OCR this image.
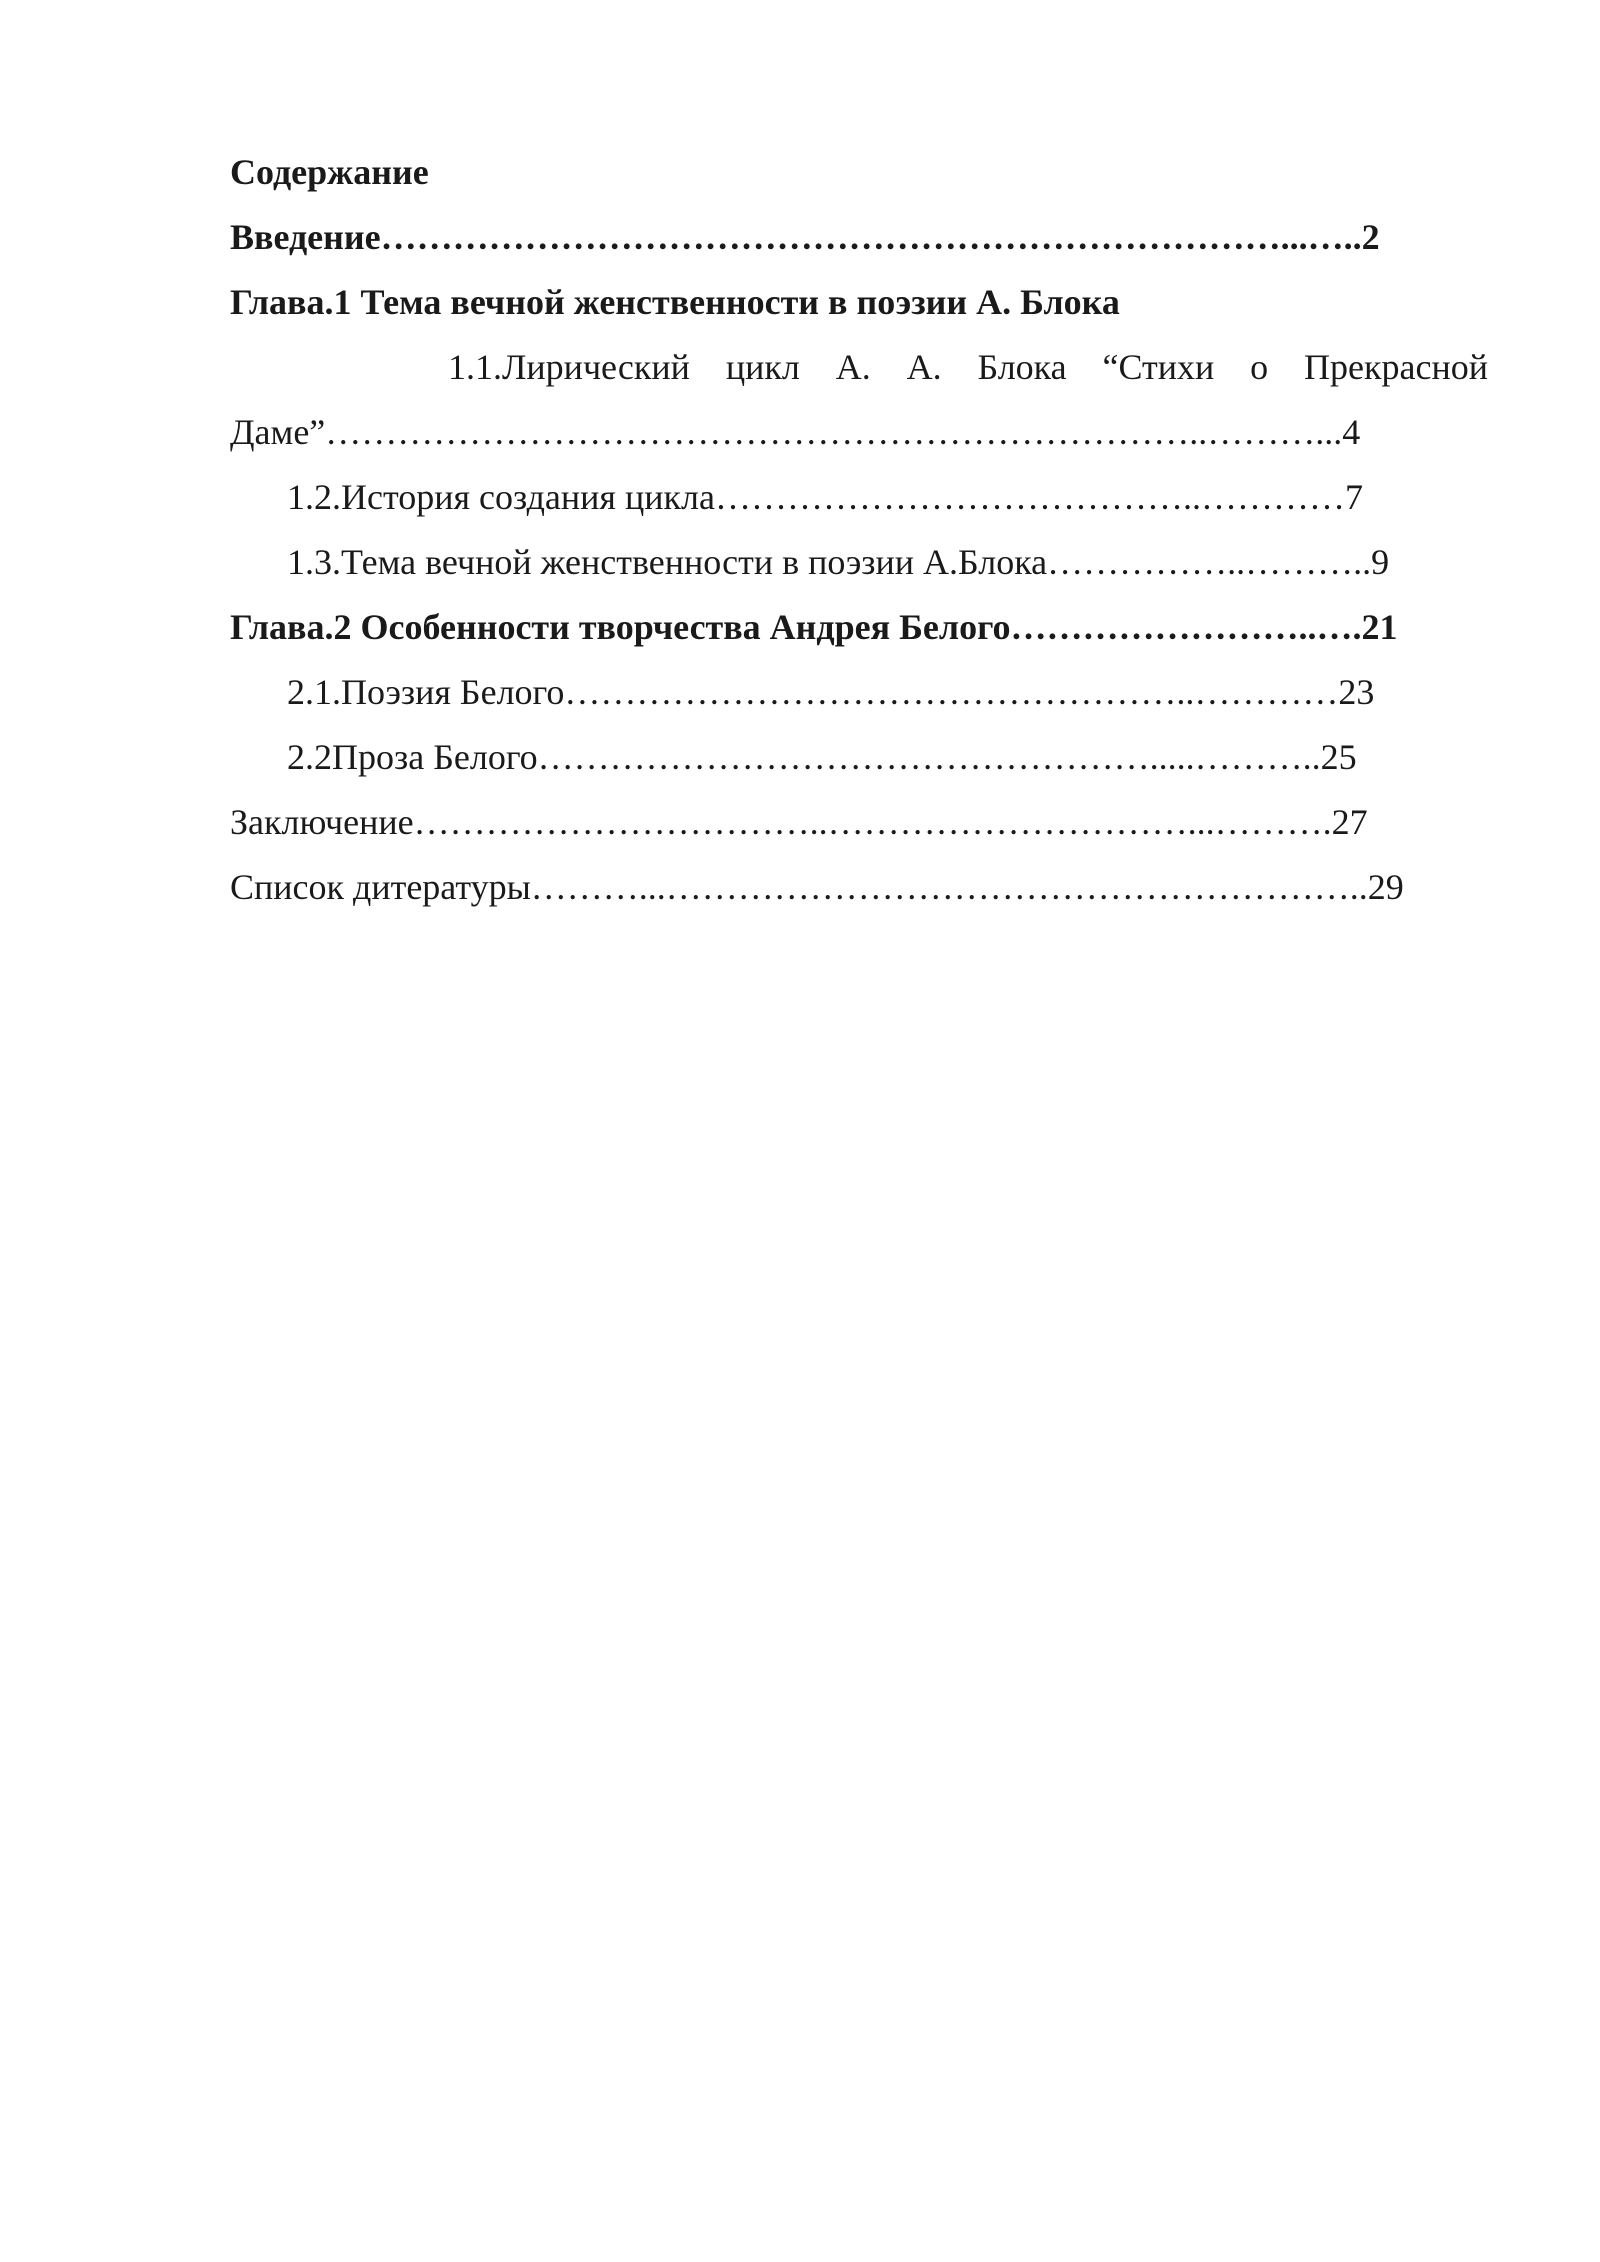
Содержание

Введение…………………………………………………………………...…..2

Глава.1 Тема вечной женственности в поэзии А. Блока

1.1.Лирический цикл А. А. Блока “Стихи о Прекрасной

Даме”………………………………………………………………..………...4

1.2.История создания цикла…………………………………..…………7

1.3.Тема вечной женственности в поэзии А.Блока……………..………..9

Глава.2 Особенности творчества Андрея Белого……………………..….21

2.1.Поэзия Белого……………………………………………..…………23

2.2Проза Белого…………………………………………….....………..25

Заключение……………………………..…………………………...……….27

Список дитературы………...…………………………………………………..29
